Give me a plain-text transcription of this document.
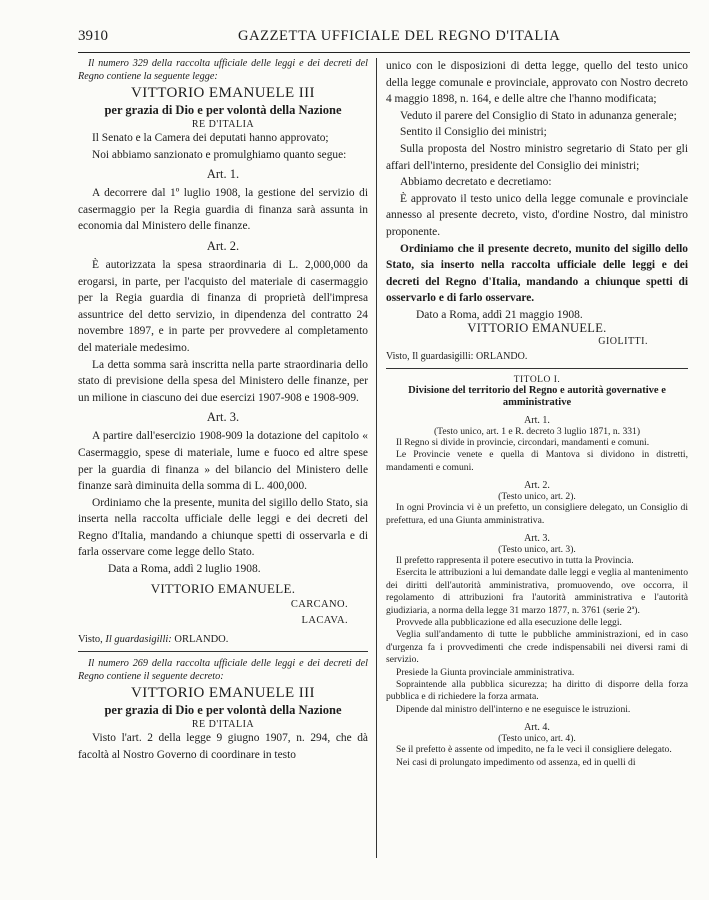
3910	GAZZETTA UFFICIALE DEL REGNO D'ITALIA

Il numero 329 della raccolta ufficiale delle leggi e dei decreti del Regno contiene la seguente legge:

VITTORIO EMANUELE III

per grazia di Dio e per volontà della Nazione

RE D'ITALIA

Il Senato e la Camera dei deputati hanno approvato;

Noi abbiamo sanzionato e promulghiamo quanto segue:

Art. 1.

A decorrere dal 1º luglio 1908, la gestione del servizio di casermaggio per la Regia guardia di finanza sarà assunta in economia dal Ministero delle finanze.

Art. 2.

È autorizzata la spesa straordinaria di L. 2,000,000 da erogarsi, in parte, per l'acquisto del materiale di casermaggio per la Regia guardia di finanza di proprietà dell'impresa assuntrice del detto servizio, in dipendenza del contratto 24 novembre 1897, e in parte per provvedere al completamento del materiale medesimo.

La detta somma sarà inscritta nella parte straordinaria dello stato di previsione della spesa del Ministero delle finanze, per un milione in ciascuno dei due esercizi 1907-908 e 1908-909.

Art. 3.

A partire dall'esercizio 1908-909 la dotazione del capitolo « Casermaggio, spese di materiale, lume e fuoco ed altre spese per la guardia di finanza » del bilancio del Ministero delle finanze sarà diminuita della somma di L. 400,000.

Ordiniamo che la presente, munita del sigillo dello Stato, sia inserta nella raccolta ufficiale delle leggi e dei decreti del Regno d'Italia, mandando a chiunque spetti di osservarla e di farla osservare come legge dello Stato.

Data a Roma, addì 2 luglio 1908.

VITTORIO EMANUELE.

CARCANO.

LACAVA.

Visto, Il guardasigilli: ORLANDO.

Il numero 269 della raccolta ufficiale delle leggi e dei decreti del Regno contiene il seguente decreto:

VITTORIO EMANUELE III

per grazia di Dio e per volontà della Nazione

RE D'ITALIA

Visto l'art. 2 della legge 9 giugno 1907, n. 294, che dà facoltà al Nostro Governo di coordinare in testo

unico con le disposizioni di detta legge, quello del testo unico della legge comunale e provinciale, approvato con Nostro decreto 4 maggio 1898, n. 164, e delle altre che l'hanno modificata;

Veduto il parere del Consiglio di Stato in adunanza generale;

Sentito il Consiglio dei ministri;

Sulla proposta del Nostro ministro segretario di Stato per gli affari dell'interno, presidente del Consiglio dei ministri;

Abbiamo decretato e decretiamo:

È approvato il testo unico della legge comunale e provinciale annesso al presente decreto, visto, d'ordine Nostro, dal ministro proponente.

Ordiniamo che il presente decreto, munito del sigillo dello Stato, sia inserto nella raccolta ufficiale delle leggi e dei decreti del Regno d'Italia, mandando a chiunque spetti di osservarlo e di farlo osservare.

Dato a Roma, addì 21 maggio 1908.

VITTORIO EMANUELE.

GIOLITTI.

Visto, Il guardasigilli: ORLANDO.

TITOLO I.

Divisione del territorio del Regno e autorità governative e amministrative

Art. 1.

(Testo unico, art. 1 e R. decreto 3 luglio 1871, n. 331)

Il Regno si divide in provincie, circondari, mandamenti e comuni.

Le Provincie venete e quella di Mantova si dividono in distretti, mandamenti e comuni.

Art. 2.

(Testo unico, art. 2).

In ogni Provincia vi è un prefetto, un consigliere delegato, un Consiglio di prefettura, ed una Giunta amministrativa.

Art. 3.

(Testo unico, art. 3).

Il prefetto rappresenta il potere esecutivo in tutta la Provincia.

Esercita le attribuzioni a lui demandate dalle leggi e veglia al mantenimento dei diritti dell'autorità amministrativa, promuovendo, ove occorra, il regolamento di attribuzioni fra l'autorità amministrativa e l'autorità giudiziaria, a norma della legge 31 marzo 1877, n. 3761 (serie 2ª).

Provvede alla pubblicazione ed alla esecuzione delle leggi.

Veglia sull'andamento di tutte le pubbliche amministrazioni, ed in caso d'urgenza fa i provvedimenti che crede indispensabili nei diversi rami di servizio.

Presiede la Giunta provinciale amministrativa.

Sopraintende alla pubblica sicurezza; ha diritto di disporre della forza pubblica e di richiedere la forza armata.

Dipende dal ministro dell'interno e ne eseguisce le istruzioni.

Art. 4.

(Testo unico, art. 4).

Se il prefetto è assente od impedito, ne fa le veci il consigliere delegato.

Nei casi di prolungato impedimento od assenza, ed in quelli di
